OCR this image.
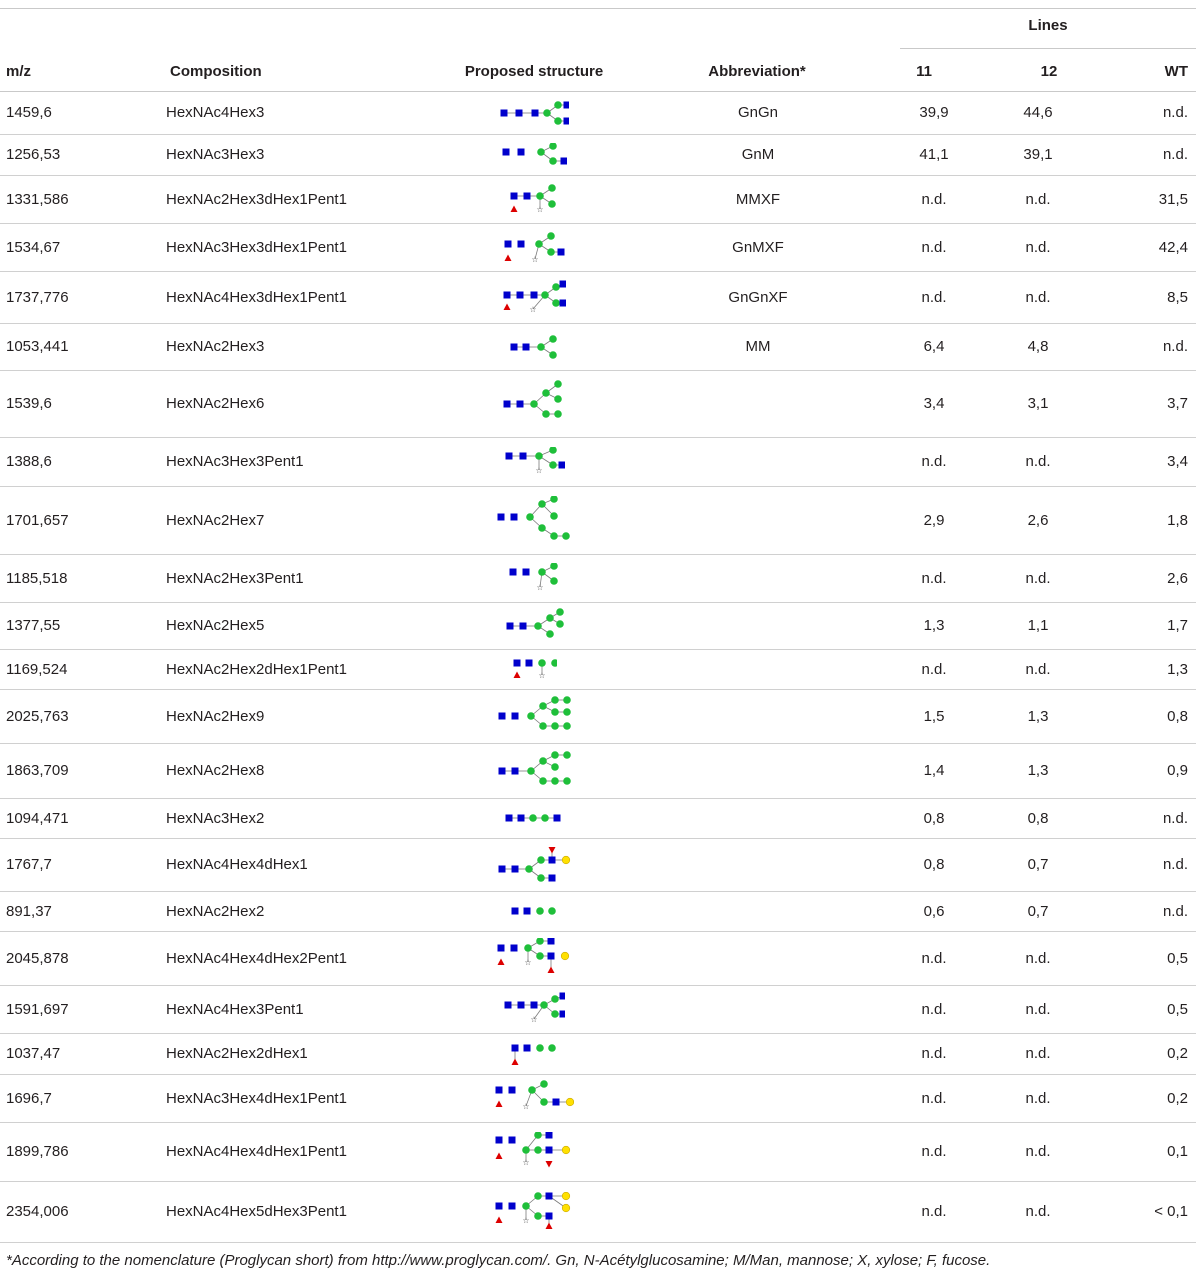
Lines
m/z	Composition	Proposed structure	Abbreviation*	11	12	WT
1459,6	HexNAc4Hex3		GnGn	39,9	44,6	n.d.
1256,53	HexNAc3Hex3		GnM	41,1	39,1	n.d.
1331,586	HexNAc2Hex3dHex1Pent1	☆	MMXF	n.d.	n.d.	31,5
1534,67	HexNAc3Hex3dHex1Pent1	☆	GnMXF	n.d.	n.d.	42,4
1737,776	HexNAc4Hex3dHex1Pent1	☆	GnGnXF	n.d.	n.d.	8,5
1053,441	HexNAc2Hex3		MM	6,4	4,8	n.d.
1539,6	HexNAc2Hex6			3,4	3,1	3,7
1388,6	HexNAc3Hex3Pent1	☆		n.d.	n.d.	3,4
1701,657	HexNAc2Hex7			2,9	2,6	1,8
1185,518	HexNAc2Hex3Pent1	☆		n.d.	n.d.	2,6
1377,55	HexNAc2Hex5			1,3	1,1	1,7
1169,524	HexNAc2Hex2dHex1Pent1	☆		n.d.	n.d.	1,3
2025,763	HexNAc2Hex9			1,5	1,3	0,8
1863,709	HexNAc2Hex8			1,4	1,3	0,9
1094,471	HexNAc3Hex2			0,8	0,8	n.d.
1767,7	HexNAc4Hex4dHex1			0,8	0,7	n.d.
891,37	HexNAc2Hex2			0,6	0,7	n.d.
2045,878	HexNAc4Hex4dHex2Pent1	☆		n.d.	n.d.	0,5
1591,697	HexNAc4Hex3Pent1	☆		n.d.	n.d.	0,5
1037,47	HexNAc2Hex2dHex1			n.d.	n.d.	0,2
1696,7	HexNAc3Hex4dHex1Pent1	☆		n.d.	n.d.	0,2
1899,786	HexNAc4Hex4dHex1Pent1	☆		n.d.	n.d.	0,1
2354,006	HexNAc4Hex5dHex3Pent1	☆		n.d.	n.d.	< 0,1
*According to the nomenclature (Proglycan short) from http://www.proglycan.com/. Gn, N-Acétylglucosamine; M/Man, mannose; X, xylose; F, fucose.
